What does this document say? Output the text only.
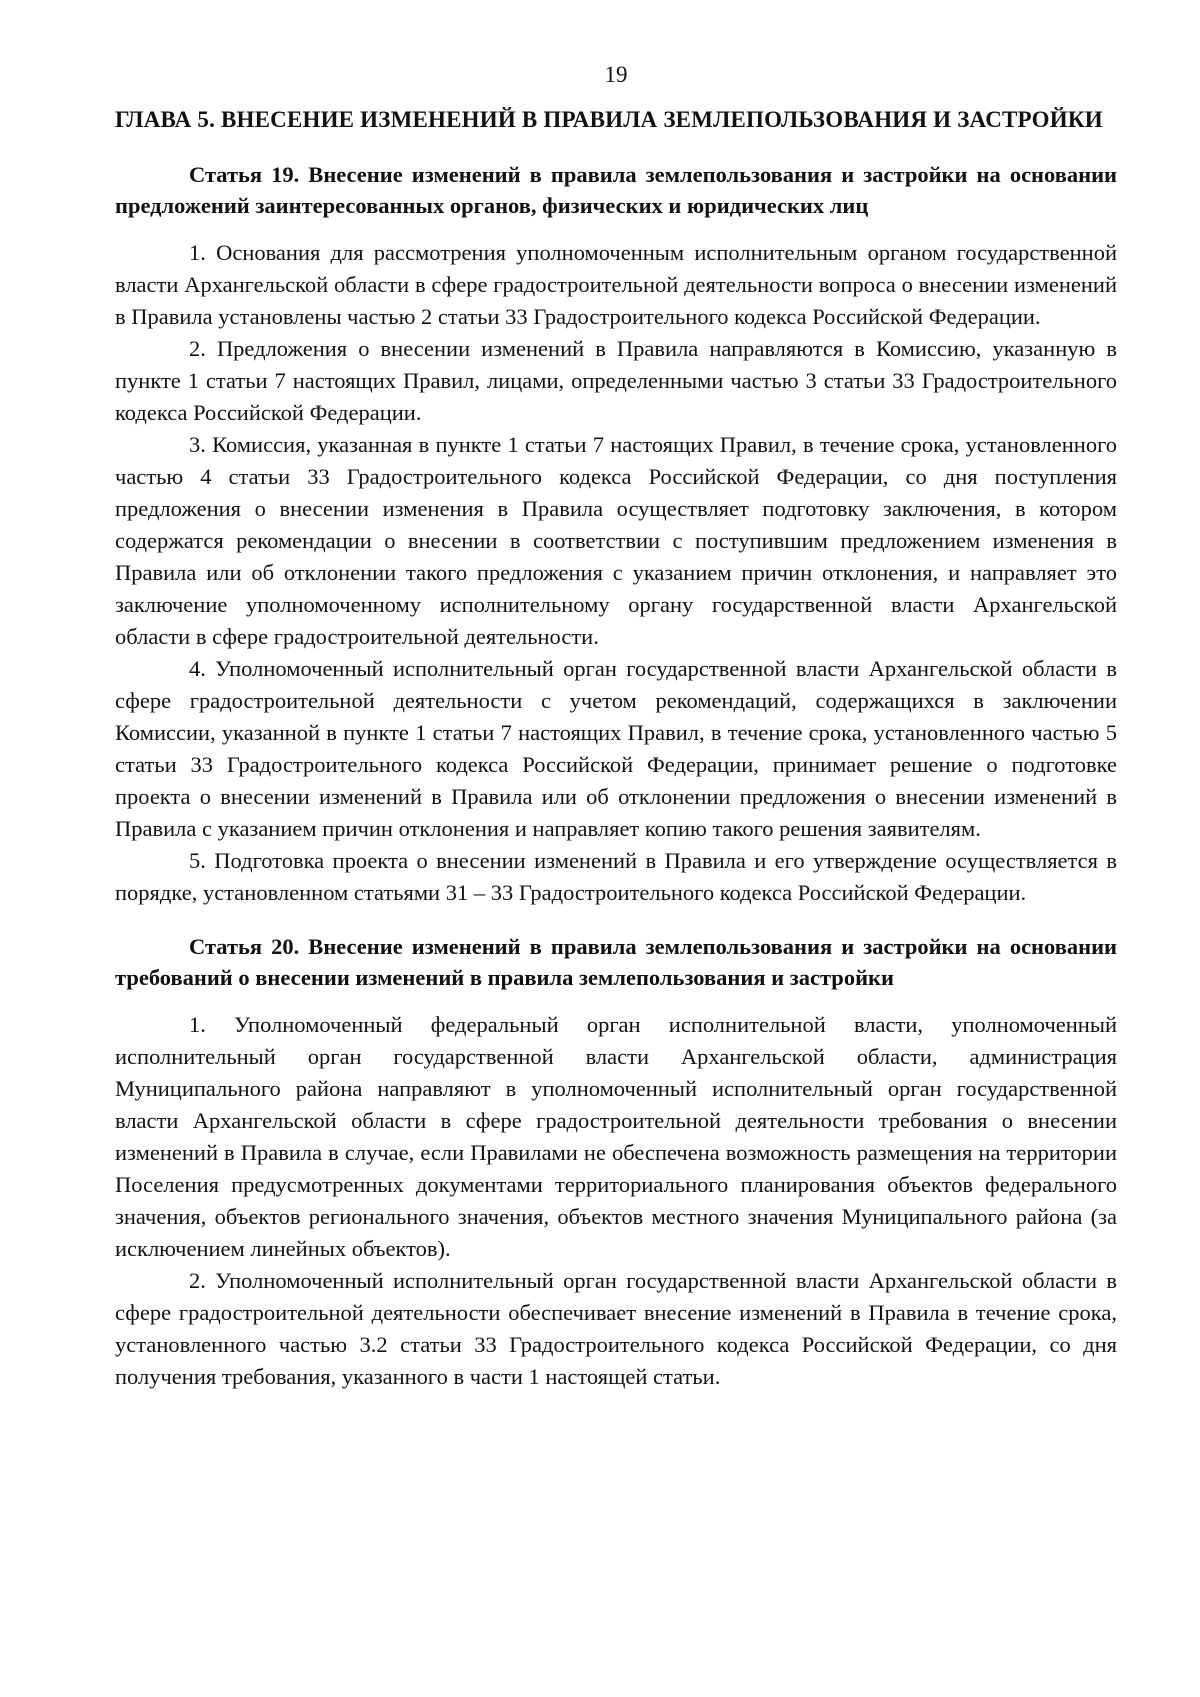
19
ГЛАВА 5. ВНЕСЕНИЕ ИЗМЕНЕНИЙ В ПРАВИЛА ЗЕМЛЕПОЛЬЗОВАНИЯ И ЗАСТРОЙКИ
Статья 19. Внесение изменений в правила землепользования и застройки на основании предложений заинтересованных органов, физических и юридических лиц

1. Основания для рассмотрения уполномоченным исполнительным органом государственной власти Архангельской области в сфере градостроительной деятельности вопроса о внесении изменений в Правила установлены частью 2 статьи 33 Градостроительного кодекса Российской Федерации.

2. Предложения о внесении изменений в Правила направляются в Комиссию, указанную в пункте 1 статьи 7 настоящих Правил, лицами, определенными частью 3 статьи 33 Градостроительного кодекса Российской Федерации.

3. Комиссия, указанная в пункте 1 статьи 7 настоящих Правил, в течение срока, установленного частью 4 статьи 33 Градостроительного кодекса Российской Федерации, со дня поступления предложения о внесении изменения в Правила осуществляет подготовку заключения, в котором содержатся рекомендации о внесении в соответствии с поступившим предложением изменения в Правила или об отклонении такого предложения с указанием причин отклонения, и направляет это заключение уполномоченному исполнительному органу государственной власти Архангельской области в сфере градостроительной деятельности.

4. Уполномоченный исполнительный орган государственной власти Архангельской области в сфере градостроительной деятельности с учетом рекомендаций, содержащихся в заключении Комиссии, указанной в пункте 1 статьи 7 настоящих Правил, в течение срока, установленного частью 5 статьи 33 Градостроительного кодекса Российской Федерации, принимает решение о подготовке проекта о внесении изменений в Правила или об отклонении предложения о внесении изменений в Правила с указанием причин отклонения и направляет копию такого решения заявителям.

5. Подготовка проекта о внесении изменений в Правила и его утверждение осуществляется в порядке, установленном статьями 31 – 33 Градостроительного кодекса Российской Федерации.

Статья 20. Внесение изменений в правила землепользования и застройки на основании требований о внесении изменений в правила землепользования и застройки

1. Уполномоченный федеральный орган исполнительной власти, уполномоченный исполнительный орган государственной власти Архангельской области, администрация Муниципального района направляют в уполномоченный исполнительный орган государственной власти Архангельской области в сфере градостроительной деятельности требования о внесении изменений в Правила в случае, если Правилами не обеспечена возможность размещения на территории Поселения предусмотренных документами территориального планирования объектов федерального значения, объектов регионального значения, объектов местного значения Муниципального района (за исключением линейных объектов).

2. Уполномоченный исполнительный орган государственной власти Архангельской области в сфере градостроительной деятельности обеспечивает внесение изменений в Правила в течение срока, установленного частью 3.2 статьи 33 Градостроительного кодекса Российской Федерации, со дня получения требования, указанного в части 1 настоящей статьи.
